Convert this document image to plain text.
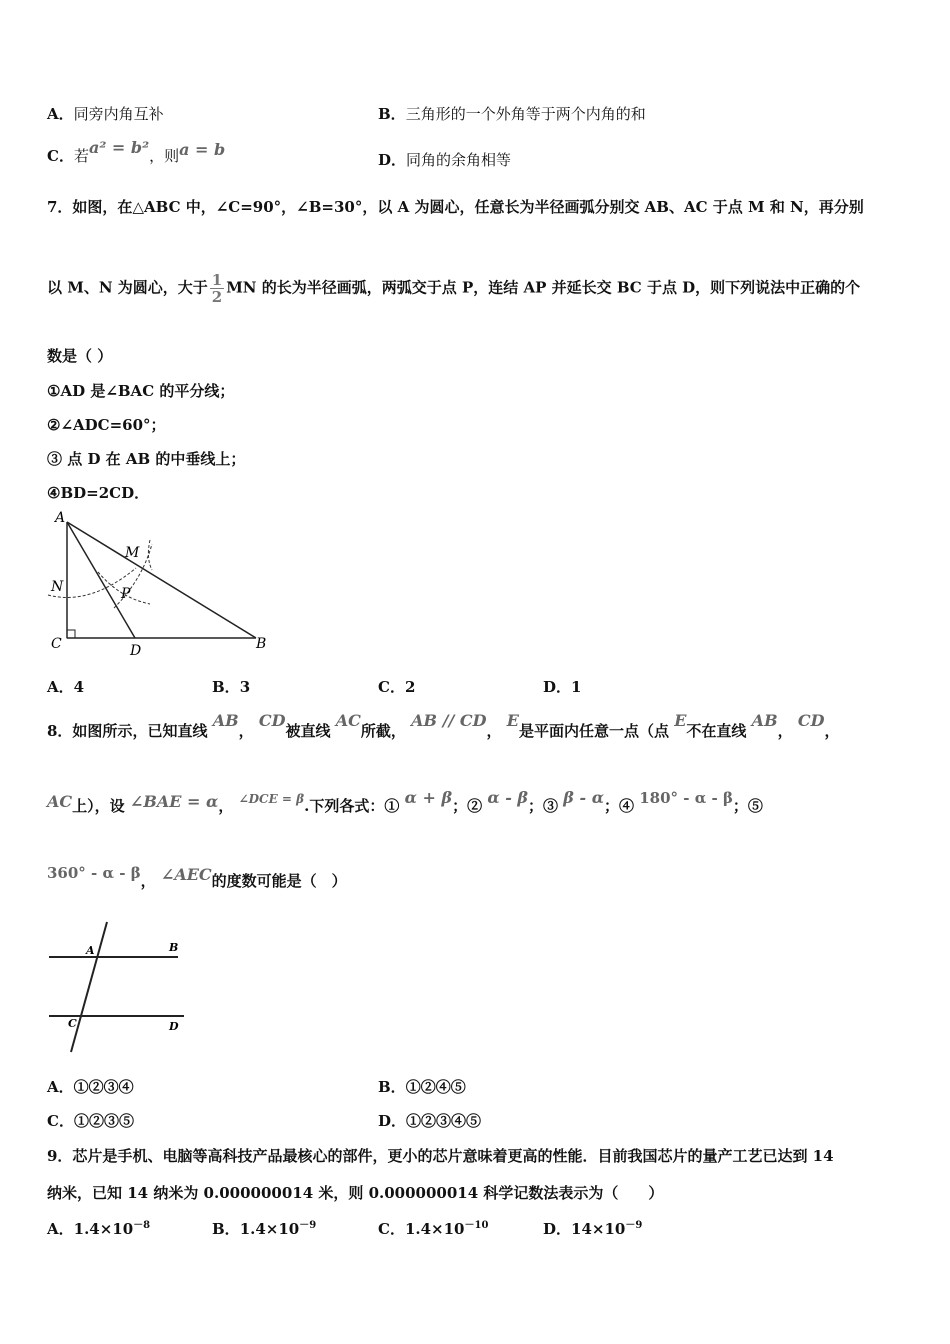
A．同旁内角互补	B．三角形的一个外角等于两个内角的和
C．若a² = b²，则a = b
D．同角的余角相等
7．如图，在△ABC 中，∠C=90°，∠B=30°，以 A 为圆心，任意长为半径画弧分别交 AB、AC 于点 M 和 N，再分别
以 M、N 为圆心，大于 $\frac{1}{2}$ MN 的长为半径画弧，两弧交于点 P，连结 AP 并延长交 BC 于点 D，则下列说法中正确的个
数是（ ）
①AD 是∠BAC 的平分线；
②∠ADC=60°；
③ 点 D 在 AB 的中垂线上；
④BD=2CD．
A
B
C	D
M
N	P
A．4	B．3	C．2	D．1
8．如图所示，已知直线 AB， CD被直线 AC所截， AB // CD， E是平面内任意一点（点 E不在直线 AB， CD，
AC上），设 ∠BAE = α， $^{\angle DCE = \beta}$.下列各式：① α + β；② α - β；③ β - α；④ 180° - α - β；⑤
360° - α - β， ∠AEC的度数可能是（　）
A	B
C	D
A．①②③④	B．①②④⑤
C．①②③⑤	D．①②③④⑤
9．芯片是手机、电脑等高科技产品最核心的部件，更小的芯片意味着更高的性能．目前我国芯片的量产工艺已达到 14
纳米，已知 14 纳米为 0.000000014 米，则 0.000000014 科学记数法表示为（　　）
A．$1.4\times 10^{-8}$	B．$1.4\times 10^{-9}$	C．$1.4\times 10^{-10}$	D．$14\times 10^{-9}$
